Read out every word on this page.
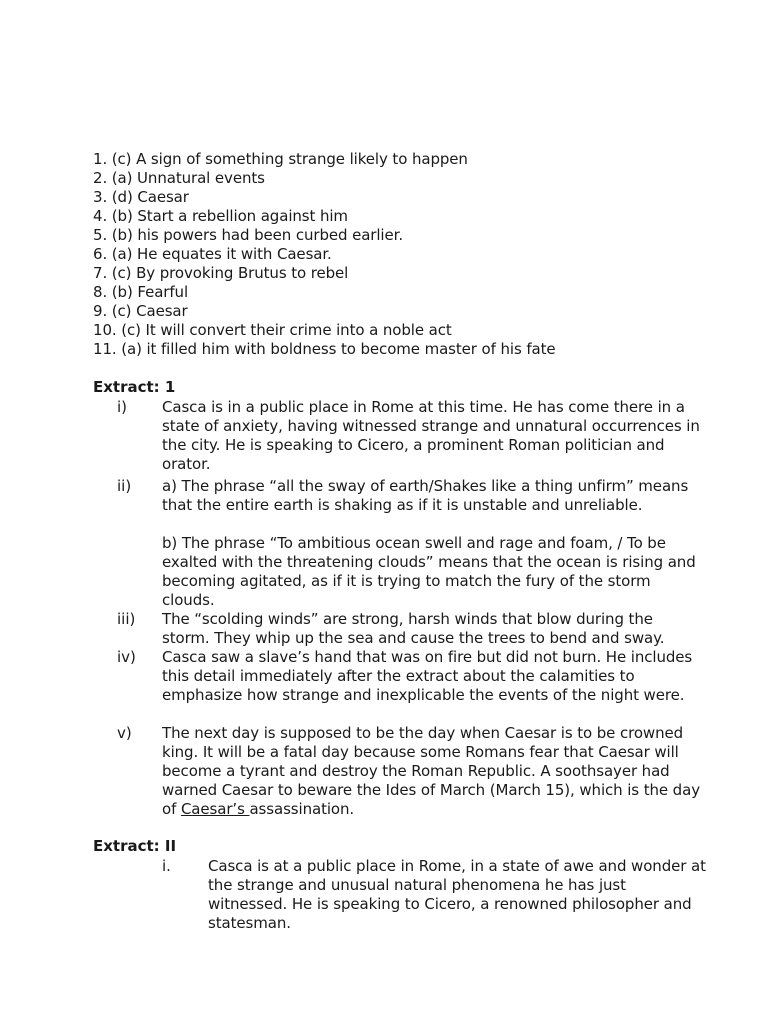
1. (c) A sign of something strange likely to happen
2. (a) Unnatural events
3. (d) Caesar
4. (b) Start a rebellion against him
5. (b) his powers had been curbed earlier.
6. (a) He equates it with Caesar.
7. (c) By provoking Brutus to rebel
8. (b) Fearful
9. (c) Caesar
10. (c) It will convert their crime into a noble act
11. (a) it filled him with boldness to become master of his fate
Extract: 1
i) Casca is in a public place in Rome at this time. He has come there in a state of anxiety, having witnessed strange and unnatural occurrences in the city. He is speaking to Cicero, a prominent Roman politician and orator.
ii) a) The phrase “all the sway of earth/Shakes like a thing unfirm” means that the entire earth is shaking as if it is unstable and unreliable.
b) The phrase “To ambitious ocean swell and rage and foam, / To be exalted with the threatening clouds” means that the ocean is rising and becoming agitated, as if it is trying to match the fury of the storm clouds.
iii) The “scolding winds” are strong, harsh winds that blow during the storm. They whip up the sea and cause the trees to bend and sway.
iv) Casca saw a slave’s hand that was on fire but did not burn. He includes this detail immediately after the extract about the calamities to emphasize how strange and inexplicable the events of the night were.
v) The next day is supposed to be the day when Caesar is to be crowned king. It will be a fatal day because some Romans fear that Caesar will become a tyrant and destroy the Roman Republic. A soothsayer had warned Caesar to beware the Ides of March (March 15), which is the day of Caesar’s assassination.
Extract: II
i. Casca is at a public place in Rome, in a state of awe and wonder at the strange and unusual natural phenomena he has just witnessed. He is speaking to Cicero, a renowned philosopher and statesman.
